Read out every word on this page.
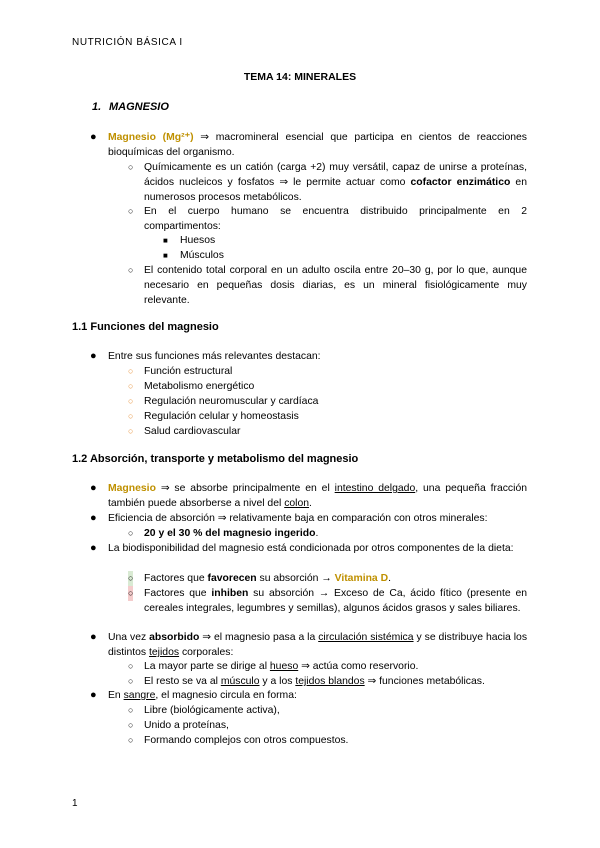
NUTRICIÓN BÁSICA I
TEMA 14: MINERALES
1. MAGNESIO
● Magnesio (Mg²⁺) ⇒ macromineral esencial que participa en cientos de reacciones bioquímicas del organismo.
○ Químicamente es un catión (carga +2) muy versátil, capaz de unirse a proteínas, ácidos nucleicos y fosfatos ⇒ le permite actuar como cofactor enzimático en numerosos procesos metabólicos.
○ En el cuerpo humano se encuentra distribuido principalmente en 2 compartimentos:
■ Huesos
■ Músculos
○ El contenido total corporal en un adulto oscila entre 20–30 g, por lo que, aunque necesario en pequeñas dosis diarias, es un mineral fisiológicamente muy relevante.
1.1 Funciones del magnesio
● Entre sus funciones más relevantes destacan:
○ Función estructural
○ Metabolismo energético
○ Regulación neuromuscular y cardíaca
○ Regulación celular y homeostasis
○ Salud cardiovascular
1.2 Absorción, transporte y metabolismo del magnesio
● Magnesio ⇒ se absorbe principalmente en el intestino delgado, una pequeña fracción también puede absorberse a nivel del colon.
● Eficiencia de absorción ⇒ relativamente baja en comparación con otros minerales:
○ 20 y el 30 % del magnesio ingerido.
● La biodisponibilidad del magnesio está condicionada por otros componentes de la dieta:
○ Factores que favorecen su absorción → Vitamina D.
○ Factores que inhiben su absorción → Exceso de Ca, ácido fítico (presente en cereales integrales, legumbres y semillas), algunos ácidos grasos y sales biliares.
● Una vez absorbido ⇒ el magnesio pasa a la circulación sistémica y se distribuye hacia los distintos tejidos corporales:
○ La mayor parte se dirige al hueso ⇒ actúa como reservorio.
○ El resto se va al músculo y a los tejidos blandos ⇒ funciones metabólicas.
● En sangre, el magnesio circula en forma:
○ Libre (biológicamente activa),
○ Unido a proteínas,
○ Formando complejos con otros compuestos.
1
